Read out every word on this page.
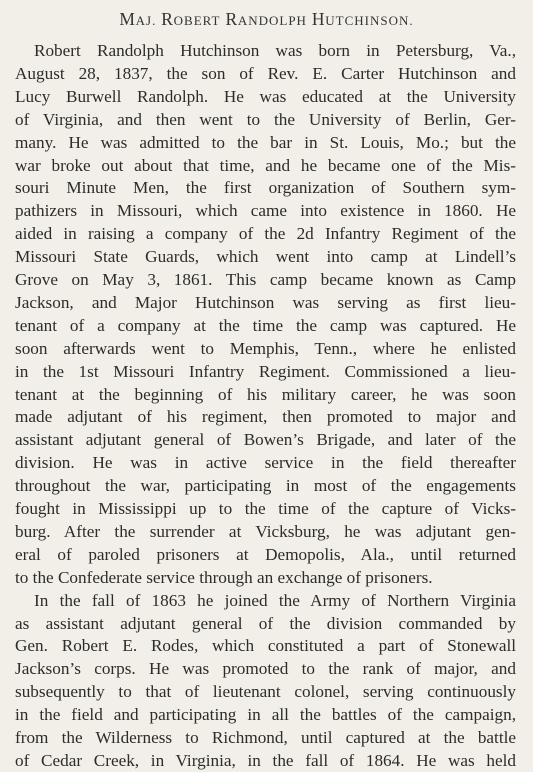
MAJ. ROBERT RANDOLPH HUTCHINSON.
Robert Randolph Hutchinson was born in Petersburg, Va.,
August 28, 1837, the son of Rev. E. Carter Hutchinson and
Lucy Burwell Randolph. He was educated at the University
of Virginia, and then went to the University of Berlin, Ger-
many. He was admitted to the bar in St. Louis, Mo.; but the
war broke out about that time, and he became one of the Mis-
souri Minute Men, the first organization of Southern sym-
pathizers in Missouri, which came into existence in 1860. He
aided in raising a company of the 2d Infantry Regiment of the
Missouri State Guards, which went into camp at Lindell’s
Grove on May 3, 1861. This camp became known as Camp
Jackson, and Major Hutchinson was serving as first lieu-
tenant of a company at the time the camp was captured. He
soon afterwards went to Memphis, Tenn., where he enlisted
in the 1st Missouri Infantry Regiment. Commissioned a lieu-
tenant at the beginning of his military career, he was soon
made adjutant of his regiment, then promoted to major and
assistant adjutant general of Bowen’s Brigade, and later of the
division. He was in active service in the field thereafter
throughout the war, participating in most of the engagements
fought in Mississippi up to the time of the capture of Vicks-
burg. After the surrender at Vicksburg, he was adjutant gen-
eral of paroled prisoners at Demopolis, Ala., until returned
to the Confederate service through an exchange of prisoners.
In the fall of 1863 he joined the Army of Northern Virginia
as assistant adjutant general of the division commanded by
Gen. Robert E. Rodes, which constituted a part of Stonewall
Jackson’s corps. He was promoted to the rank of major, and
subsequently to that of lieutenant colonel, serving continuously
in the field and participating in all the battles of the campaign,
from the Wilderness to Richmond, until captured at the battle
of Cedar Creek, in Virginia, in the fall of 1864. He was held
